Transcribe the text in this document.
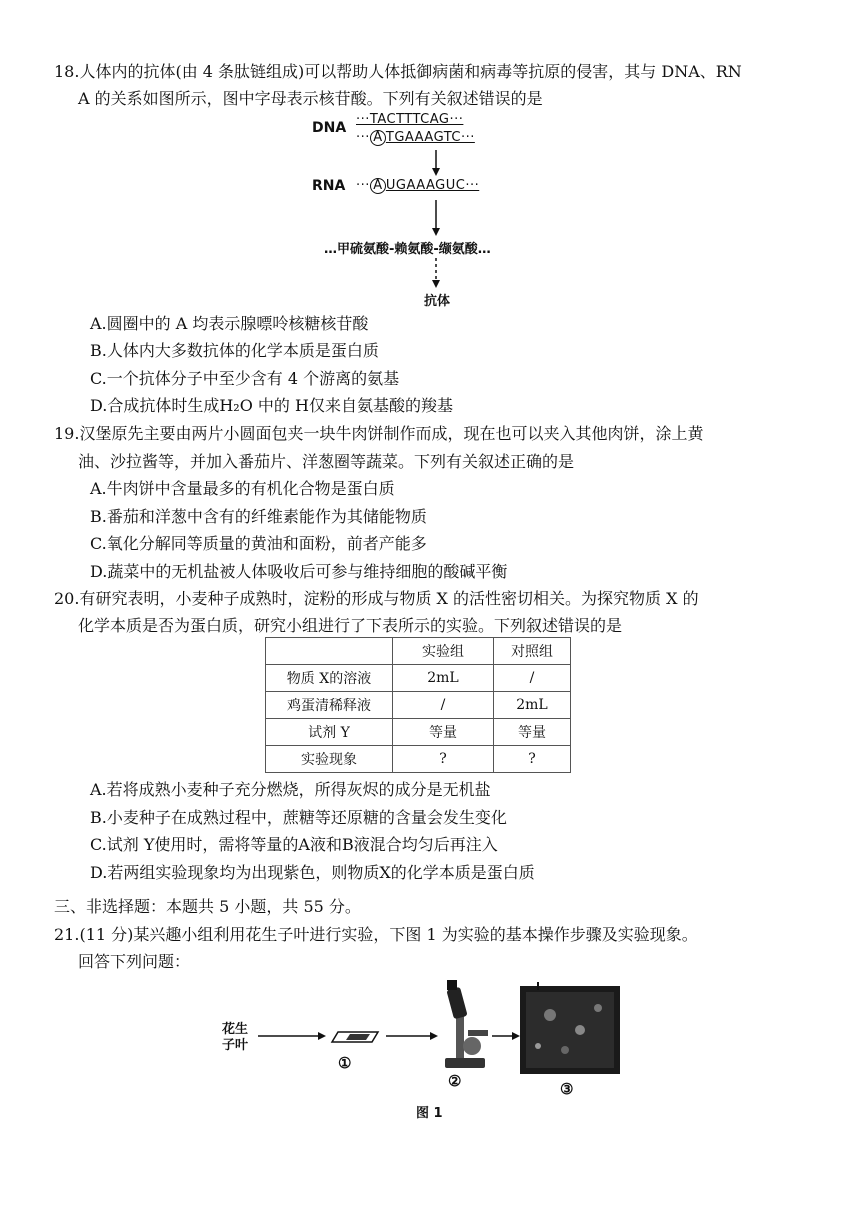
18.人体内的抗体(由 4 条肽链组成)可以帮助人体抵御病菌和病毒等抗原的侵害，其与 DNA、RN
A 的关系如图所示，图中字母表示核苷酸。下列有关叙述错误的是
DNA
···TACTTTCAG···
··· A TGAAAGTC···
RNA ··· A UGAAAGUC···
…甲硫氨酸-赖氨酸-缬氨酸…
抗体
A.圆圈中的 A 均表示腺嘌呤核糖核苷酸
B.人体内大多数抗体的化学本质是蛋白质
C.一个抗体分子中至少含有 4 个游离的氨基
D.合成抗体时生成H₂O 中的 H仅来自氨基酸的羧基
19.汉堡原先主要由两片小圆面包夹一块牛肉饼制作而成，现在也可以夹入其他肉饼，涂上黄
油、沙拉酱等，并加入番茄片、洋葱圈等蔬菜。下列有关叙述正确的是
A.牛肉饼中含量最多的有机化合物是蛋白质
B.番茄和洋葱中含有的纤维素能作为其储能物质
C.氧化分解同等质量的黄油和面粉，前者产能多
D.蔬菜中的无机盐被人体吸收后可参与维持细胞的酸碱平衡
20.有研究表明，小麦种子成熟时，淀粉的形成与物质 X 的活性密切相关。为探究物质 X 的
化学本质是否为蛋白质，研究小组进行了下表所示的实验。下列叙述错误的是
	实验组	对照组
物质 X的溶液	2mL	/
鸡蛋清稀释液	/	2mL
试剂 Y	等量	等量
实验现象	?	?
A.若将成熟小麦种子充分燃烧，所得灰烬的成分是无机盐
B.小麦种子在成熟过程中，蔗糖等还原糖的含量会发生变化
C.试剂 Y使用时，需将等量的A液和B液混合均匀后再注入
D.若两组实验现象均为出现紫色，则物质X的化学本质是蛋白质
三、非选择题：本题共 5 小题，共 55 分。
21.(11 分)某兴趣小组利用花生子叶进行实验，下图 1 为实验的基本操作步骤及实验现象。
回答下列问题：
花生
子叶
①
②	③
图 1
